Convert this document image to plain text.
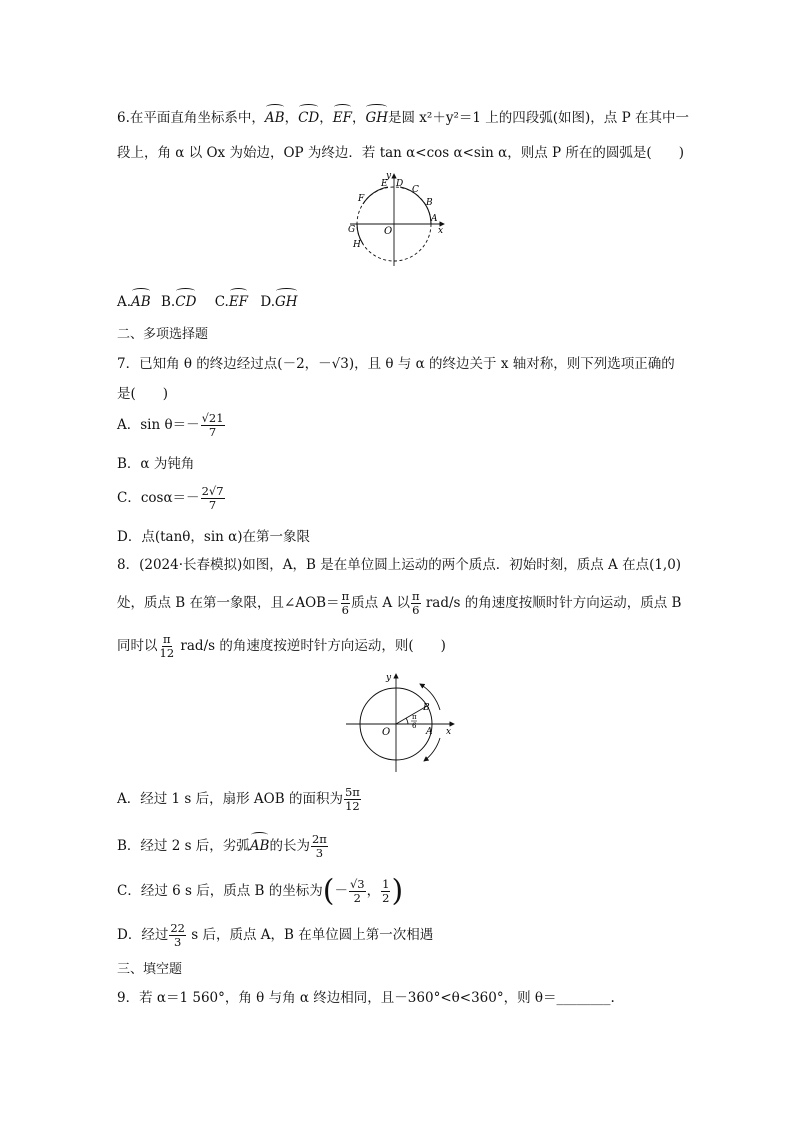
6.在平面直角坐标系中，AB，CD，EF，GH是圆 x²＋y²＝1 上的四段弧(如图)，点 P 在其中一
段上，角 α 以 Ox 为始边，OP 为终边．若 tan α<cos α<sin α，则点 P 所在的圆弧是(　　)
y
x
O
A
B
C
D
E
F
G
H
A.AB B.CD C.EF D.GH
二、多项选择题
7．已知角 θ 的终边经过点(－2，－√3)，且 θ 与 α 的终边关于 x 轴对称，则下列选项正确的
是(　　)
A．$\sin \theta=- \frac{√21}{7}$
B．α 为钝角
C．$\cos\alpha=- \frac{2√7}{7}$
D．点(tanθ，sin α)在第一象限
8．(2024·长春模拟)如图，A，B 是在单位圆上运动的两个质点．初始时刻，质点 A 在点(1,0)
处，质点 B 在第一象限，且∠AOB＝ $\frac{\pi}{6}$ 质点 A 以 $\frac{\pi}{6} rad/s$ 的角速度按顺时针方向运动，质点 B
同时以 $\frac{\pi}{12} rad/s$ 的角速度按逆时针方向运动，则(　　)
y
x
O	A
B
π
6
A．经过 1 s 后，扇形 AOB 的面积为 $\frac{5\pi}{12}$
B．经过 2 s 后，劣弧AB的长为 $\frac{2\pi}{3}$
C．经过 6 s 后，质点 B 的坐标为(－ $\frac{√3}{2}$ ， $\frac{1}{2}$ )
D．经过 $\frac{22}{3}$ s 后，质点 A，B 在单位圆上第一次相遇
三、填空题
9．若 α＝1 560°，角 θ 与角 α 终边相同，且－360°<θ<360°，则 θ＝________.
